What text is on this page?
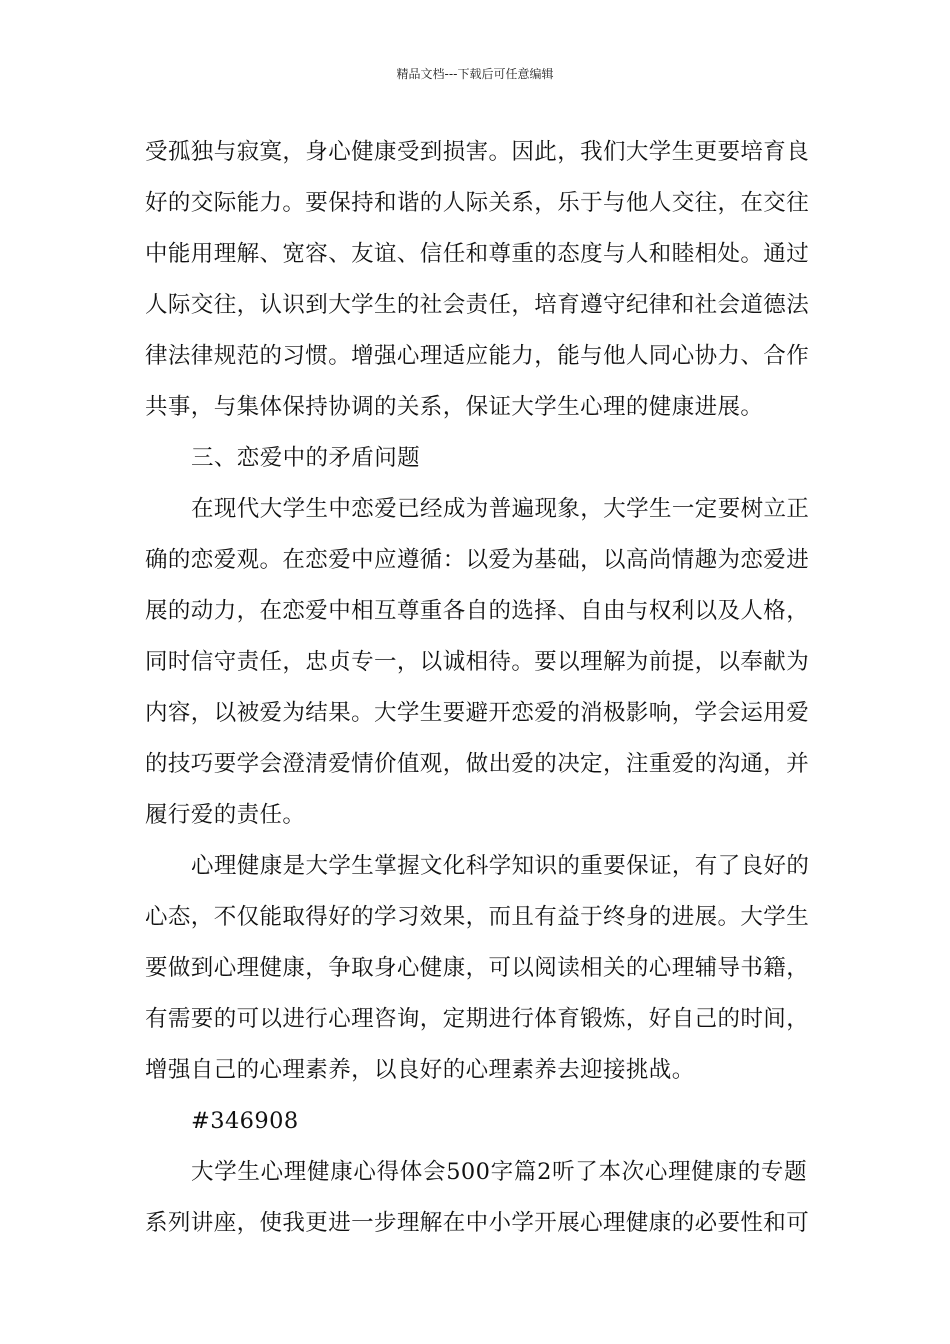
精品文档---下载后可任意编辑
受孤独与寂寞，身心健康受到损害。因此，我们大学生更要培育良
好的交际能力。要保持和谐的人际关系，乐于与他人交往，在交往
中能用理解、宽容、友谊、信任和尊重的态度与人和睦相处。通过
人际交往，认识到大学生的社会责任，培育遵守纪律和社会道德法
律法律规范的习惯。增强心理适应能力，能与他人同心协力、合作
共事，与集体保持协调的关系，保证大学生心理的健康进展。
三、恋爱中的矛盾问题
在现代大学生中恋爱已经成为普遍现象，大学生一定要树立正
确的恋爱观。在恋爱中应遵循：以爱为基础，以高尚情趣为恋爱进
展的动力，在恋爱中相互尊重各自的选择、自由与权利以及人格，
同时信守责任，忠贞专一，以诚相待。要以理解为前提，以奉献为
内容，以被爱为结果。大学生要避开恋爱的消极影响，学会运用爱
的技巧要学会澄清爱情价值观，做出爱的决定，注重爱的沟通，并
履行爱的责任。
心理健康是大学生掌握文化科学知识的重要保证，有了良好的
心态，不仅能取得好的学习效果，而且有益于终身的进展。大学生
要做到心理健康，争取身心健康，可以阅读相关的心理辅导书籍，
有需要的可以进行心理咨询，定期进行体育锻炼，好自己的时间，
增强自己的心理素养，以良好的心理素养去迎接挑战。
#346908
大学生心理健康心得体会500字篇2听了本次心理健康的专题
系列讲座，使我更进一步理解在中小学开展心理健康的必要性和可
